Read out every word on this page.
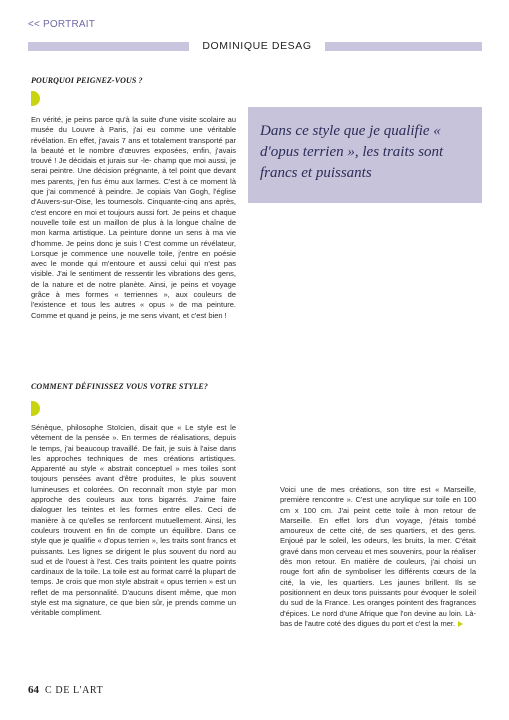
<< PORTRAIT
DOMINIQUE DESAG
POURQUOI PEIGNEZ-VOUS ?

En vérité, je peins parce qu'à la suite d'une visite scolaire au musée du Louvre à Paris, j'ai eu comme une véritable révélation. En effet, j'avais 7 ans et totalement transporté par la beauté et le nombre d'œuvres exposées, enfin, j'avais trouvé ! Je décidais et jurais sur -le- champ que moi aussi, je serai peintre. Une décision prégnante, à tel point que devant mes parents, j'en fus ému aux larmes. C'est à ce moment là que j'ai commencé à peindre. Je copiais Van Gogh, l'église d'Auvers-sur-Oise, les tournesols. Cinquante-cinq ans après, c'est encore en moi et toujours aussi fort. Je peins et chaque nouvelle toile est un maillon de plus à la longue chaîne de mon karma artistique. La peinture donne un sens à ma vie d'homme. Je peins donc je suis ! C'est comme un révélateur, Lorsque je commence une nouvelle toile, j'entre en poésie avec le monde qui m'entoure et aussi celui qui n'est pas visible. J'ai le sentiment de ressentir les vibrations des gens, de la nature et de notre planète. Ainsi, je peins et voyage grâce à mes formes « terriennes », aux couleurs de l'existence et tous les autres « opus » de ma peinture. Comme et quand je peins, je me sens vivant, et c'est bien !

Dans ce style que je qualifie « d'opus terrien », les traits sont francs et puissants

COMMENT DÉFINISSEZ VOUS VOTRE STYLE?

Sénèque, philosophe Stoïcien, disait que « Le style est le vêtement de la pensée ». En termes de réalisations, depuis le temps, j'ai beaucoup travaillé. De fait, je suis à l'aise dans les approches techniques de mes créations artistiques. Apparenté au style « abstrait conceptuel » mes toiles sont toujours pensées avant d'être produites, le plus souvent lumineuses et colorées. On reconnaît mon style par mon approche des couleurs aux tons bigarrés. J'aime faire dialoguer les teintes et les formes entre elles. Ceci de manière à ce qu'elles se renforcent mutuellement. Ainsi, les couleurs trouvent en fin de compte un équilibre. Dans ce style que je qualifie « d'opus terrien », les traits sont francs et puissants. Les lignes se dirigent le plus souvent du nord au sud et de l'ouest à l'est. Ces traits pointent les quatre points cardinaux de la toile. La toile est au format carré la plupart de temps. Je crois que mon style abstrait « opus terrien » est un reflet de ma personnalité. D'aucuns disent même, que mon style est ma signature, ce que bien sûr, je prends comme un véritable compliment.

Voici une de mes créations, son titre est « Marseille, première rencontre ». C'est une acrylique sur toile en 100 cm x 100 cm. J'ai peint cette toile à mon retour de Marseille. En effet lors d'un voyage, j'étais tombé amoureux de cette cité, de ses quartiers, et des gens. Enjoué par le soleil, les odeurs, les bruits, la mer. C'était gravé dans mon cerveau et mes souvenirs, pour la réaliser dès mon retour. En matière de couleurs, j'ai choisi un rouge fort afin de symboliser les différents cœurs de la cité, la vie, les quartiers. Les jaunes brillent. Ils se positionnent en deux tons puissants pour évoquer le soleil du sud de la France. Les oranges pointent des fragrances d'épices. Le nord d'une Afrique que l'on devine au loin. Là-bas de l'autre coté des digues du port et c'est la mer.

64 C DE L'ART
